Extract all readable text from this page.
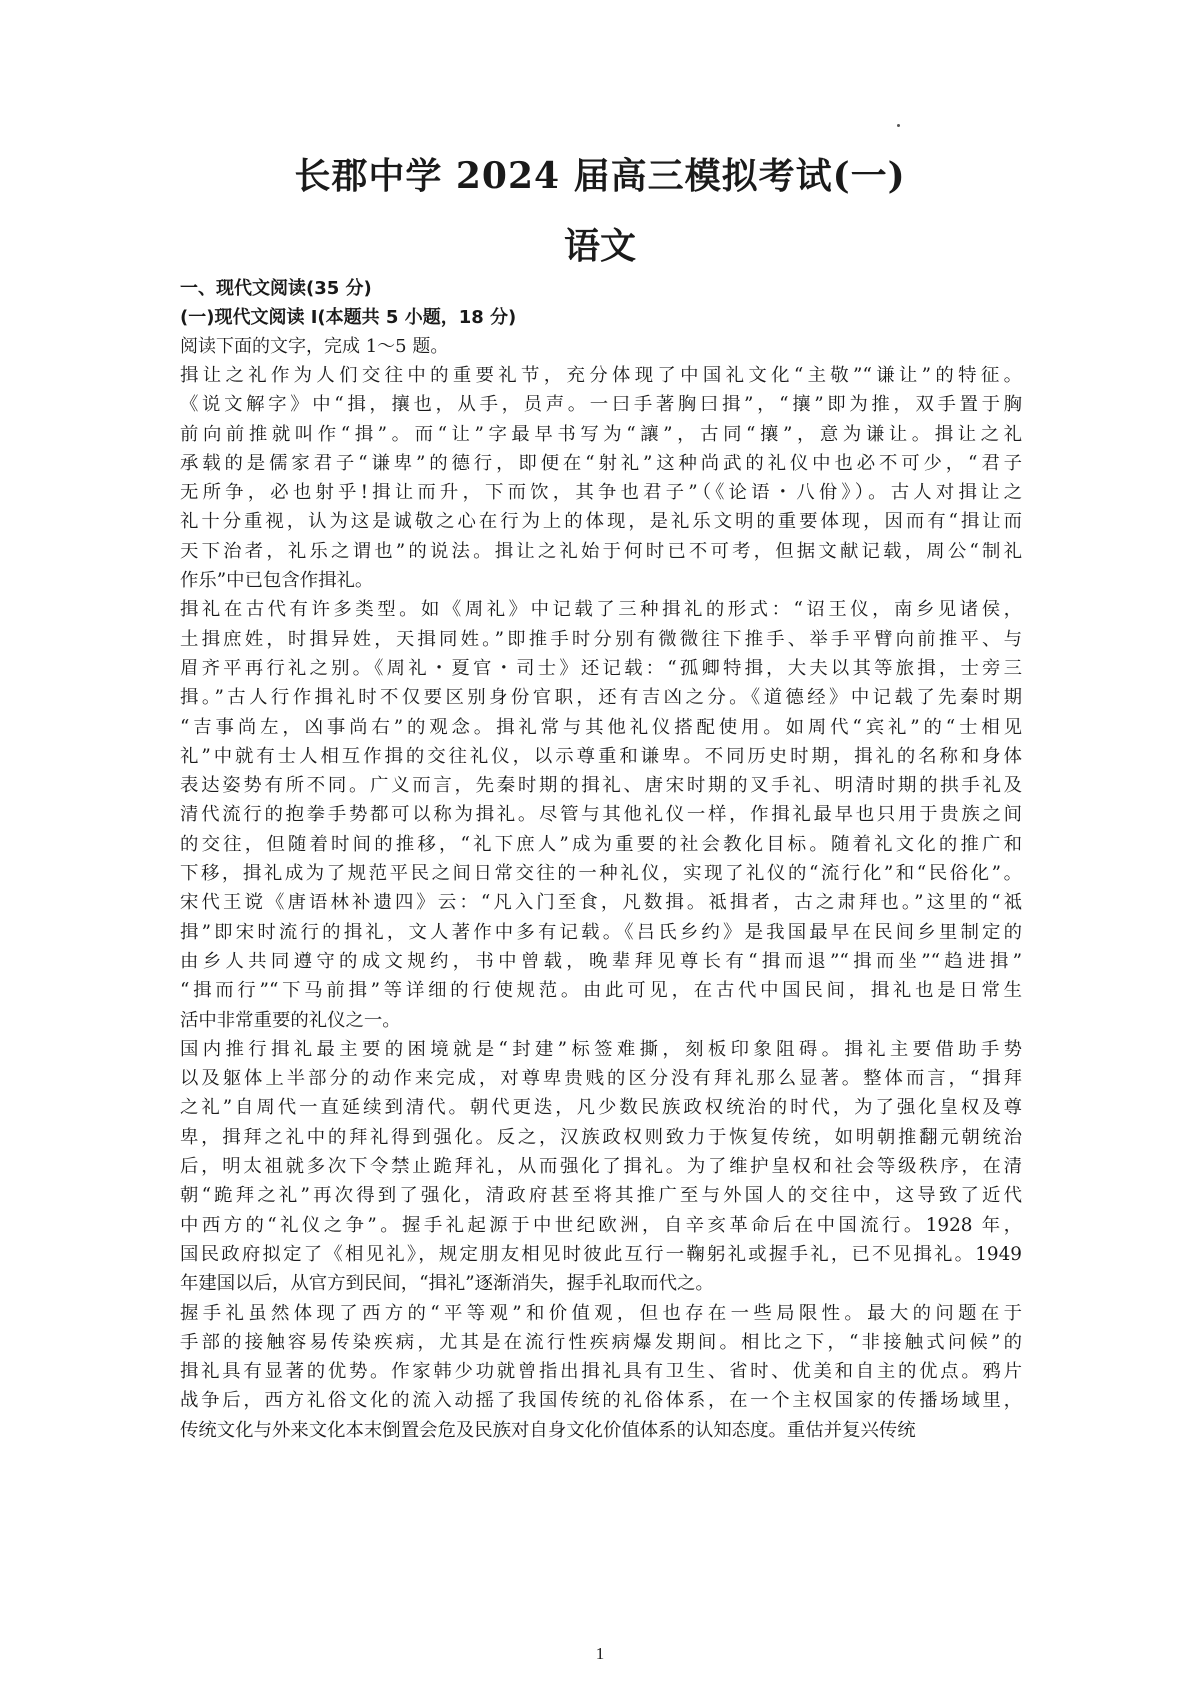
长郡中学 2024 届高三模拟考试(一)
语文

一、现代文阅读(35 分)

(一)现代文阅读 I(本题共 5 小题，18 分)

阅读下面的文字，完成 1～5 题。

揖让之礼作为人们交往中的重要礼节，充分体现了中国礼文化“主敬”“谦让”的特征。
《说文解字》中“揖，攘也，从手，员声。一曰手著胸曰揖”，“攘”即为推，双手置于胸
前向前推就叫作“揖”。而“让”字最早书写为“讓”，古同“攘”，意为谦让。揖让之礼
承载的是儒家君子“谦卑”的德行，即便在“射礼”这种尚武的礼仪中也必不可少，“君子
无所争，必也射乎!揖让而升，下而饮，其争也君子”（《论语・八佾》）。古人对揖让之
礼十分重视，认为这是诚敬之心在行为上的体现，是礼乐文明的重要体现，因而有“揖让而
天下治者，礼乐之谓也”的说法。揖让之礼始于何时已不可考，但据文献记载，周公“制礼
作乐”中已包含作揖礼。
揖礼在古代有许多类型。如《周礼》中记载了三种揖礼的形式：“诏王仪，南乡见诸侯，
土揖庶姓，时揖异姓，天揖同姓。”即推手时分别有微微往下推手、举手平臂向前推平、与
眉齐平再行礼之别。《周礼・夏官・司士》还记载：“孤卿特揖，大夫以其等旅揖，士旁三
揖。”古人行作揖礼时不仅要区别身份官职，还有吉凶之分。《道德经》中记载了先秦时期
“吉事尚左，凶事尚右”的观念。揖礼常与其他礼仪搭配使用。如周代“宾礼”的“士相见
礼”中就有士人相互作揖的交往礼仪，以示尊重和谦卑。不同历史时期，揖礼的名称和身体
表达姿势有所不同。广义而言，先秦时期的揖礼、唐宋时期的叉手礼、明清时期的拱手礼及
清代流行的抱拳手势都可以称为揖礼。尽管与其他礼仪一样，作揖礼最早也只用于贵族之间
的交往，但随着时间的推移，“礼下庶人”成为重要的社会教化目标。随着礼文化的推广和
下移，揖礼成为了规范平民之间日常交往的一种礼仪，实现了礼仪的“流行化”和“民俗化”。
宋代王谠《唐语林补遗四》云：“凡入门至食，凡数揖。祗揖者，古之肃拜也。”这里的“祗
揖”即宋时流行的揖礼，文人著作中多有记载。《吕氏乡约》是我国最早在民间乡里制定的
由乡人共同遵守的成文规约，书中曾载，晚辈拜见尊长有“揖而退”“揖而坐”“趋进揖”
“揖而行”“下马前揖”等详细的行使规范。由此可见，在古代中国民间，揖礼也是日常生
活中非常重要的礼仪之一。
国内推行揖礼最主要的困境就是“封建”标签难撕，刻板印象阻碍。揖礼主要借助手势
以及躯体上半部分的动作来完成，对尊卑贵贱的区分没有拜礼那么显著。整体而言，“揖拜
之礼”自周代一直延续到清代。朝代更迭，凡少数民族政权统治的时代，为了强化皇权及尊
卑，揖拜之礼中的拜礼得到强化。反之，汉族政权则致力于恢复传统，如明朝推翻元朝统治
后，明太祖就多次下令禁止跪拜礼，从而强化了揖礼。为了维护皇权和社会等级秩序，在清
朝“跪拜之礼”再次得到了强化，清政府甚至将其推广至与外国人的交往中，这导致了近代
中西方的“礼仪之争”。握手礼起源于中世纪欧洲，自辛亥革命后在中国流行。1928 年，
国民政府拟定了《相见礼》，规定朋友相见时彼此互行一鞠躬礼或握手礼，已不见揖礼。1949
年建国以后，从官方到民间，“揖礼”逐渐消失，握手礼取而代之。
握手礼虽然体现了西方的“平等观”和价值观，但也存在一些局限性。最大的问题在于
手部的接触容易传染疾病，尤其是在流行性疾病爆发期间。相比之下，“非接触式问候”的
揖礼具有显著的优势。作家韩少功就曾指出揖礼具有卫生、省时、优美和自主的优点。鸦片
战争后，西方礼俗文化的流入动摇了我国传统的礼俗体系，在一个主权国家的传播场域里，
传统文化与外来文化本末倒置会危及民族对自身文化价值体系的认知态度。重估并复兴传统
1
